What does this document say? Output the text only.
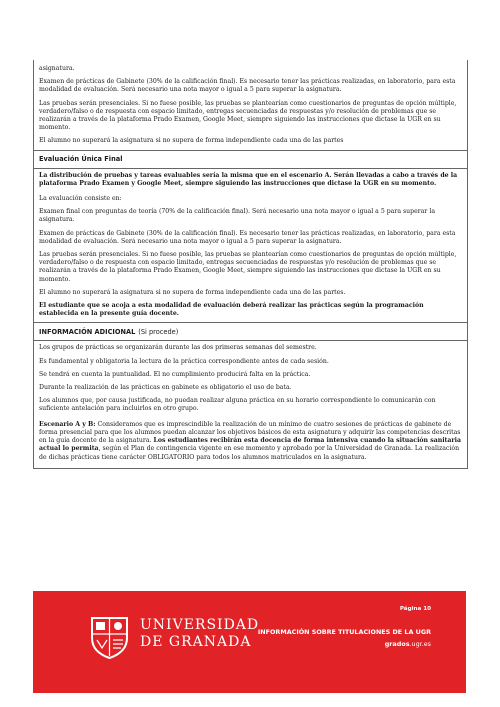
asignatura.

Examen de prácticas de Gabinete (30% de la calificación final). Es necesario tener las prácticas realizadas, en laboratorio, para esta modalidad de evaluación. Será necesario una nota mayor o igual a 5 para superar la asignatura.

Las pruebas serán presenciales. Si no fuese posible, las pruebas se plantearían como cuestionarios de preguntas de opción múltiple, verdadero/falso o de respuesta con espacio limitado, entregas secuenciadas de respuestas y/o resolución de problemas que se realizarán a través de la plataforma Prado Examen, Google Meet, siempre siguiendo las instrucciones que dictase la UGR en su momento.

El alumno no superará la asignatura si no supera de forma independiente cada una de las partes

Evaluación Única Final

La distribución de pruebas y tareas evaluables sería la misma que en el escenario A. Serán llevadas a cabo a través de la plataforma Prado Examen y Google Meet, siempre siguiendo las instrucciones que dictase la UGR en su momento.

La evaluación consiste en:

Examen final con preguntas de teoría (70% de la calificación final). Será necesario una nota mayor o igual a 5 para superar la asignatura.

Examen de prácticas de Gabinete (30% de la calificación final). Es necesario tener las prácticas realizadas, en laboratorio, para esta modalidad de evaluación. Será necesario una nota mayor o igual a 5 para superar la asignatura.

Las pruebas serán presenciales. Si no fuese posible, las pruebas se plantearían como cuestionarios de preguntas de opción múltiple, verdadero/falso o de respuesta con espacio limitado, entregas secuenciadas de respuestas y/o resolución de problemas que se realizarán a través de la plataforma Prado Examen, Google Meet, siempre siguiendo las instrucciones que dictase la UGR en su momento.

El alumno no superará la asignatura si no supera de forma independiente cada una de las partes.

El estudiante que se acoja a esta modalidad de evaluación deberá realizar las prácticas según la programación establecida en la presente guía docente.

INFORMACIÓN ADICIONAL (Si procede)

Los grupos de prácticas se organizarán durante las dos primeras semanas del semestre.

Es fundamental y obligatoria la lectura de la práctica correspondiente antes de cada sesión.

Se tendrá en cuenta la puntualidad. El no cumplimiento producirá falta en la práctica.

Durante la realización de las prácticas en gabinete es obligatorio el uso de bata.

Los alumnos que, por causa justificada, no puedan realizar alguna práctica en su horario correspondiente lo comunicarán con suficiente antelación para incluirlos en otro grupo.

Escenario A y B: Consideramos que es imprescindible la realización de un mínimo de cuatro sesiones de prácticas de gabinete de forma presencial para que los alumnos puedan alcanzar los objetivos básicos de esta asignatura y adquirir las competencias descritas en la guía docente de la asignatura. Los estudiantes recibirán esta docencia de forma intensiva cuando la situación sanitaria actual lo permita, según el Plan de contingencia vigente en ese momento y aprobado por la Universidad de Granada. La realización de dichas prácticas tiene carácter OBLIGATORIO para todos los alumnos matriculados en la asignatura.

UNIVERSIDAD
DE GRANADA
Página 10
INFORMACIÓN SOBRE TITULACIONES DE LA UGR
grados.ugr.es
